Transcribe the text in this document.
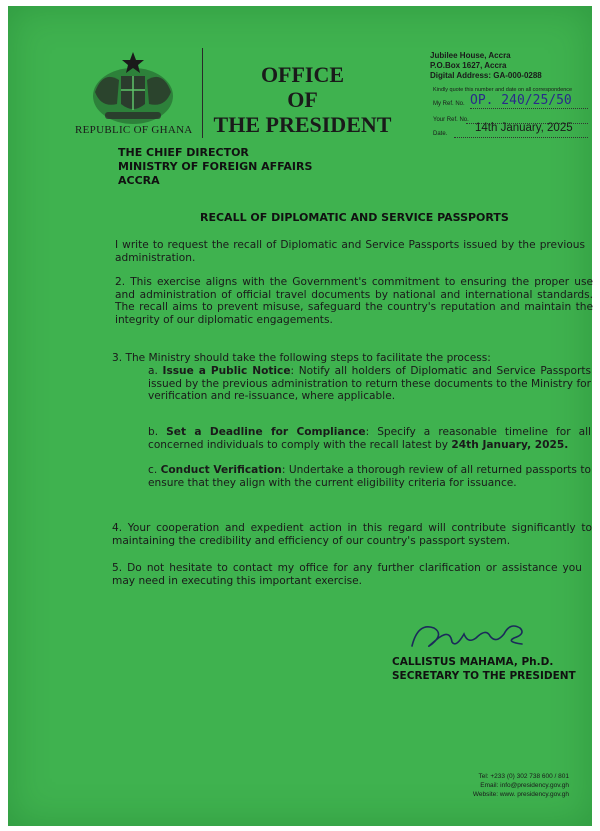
REPUBLIC OF GHANA
OFFICE
OF
THE PRESIDENT
Jubilee House, Accra
P.O.Box 1627, Accra
Digital Address: GA-000-0288
Kindly quote this number and date on all correspondence
My Ref. No. OP. 240/25/50
Your Ref. No.
Date. 14th January, 2025
THE CHIEF DIRECTOR
MINISTRY OF FOREIGN AFFAIRS
ACCRA
RECALL OF DIPLOMATIC AND SERVICE PASSPORTS
I write to request the recall of Diplomatic and Service Passports issued by the previous administration.
2. This exercise aligns with the Government's commitment to ensuring the proper use and administration of official travel documents by national and international standards. The recall aims to prevent misuse, safeguard the country's reputation and maintain the integrity of our diplomatic engagements.
3. The Ministry should take the following steps to facilitate the process:
a. Issue a Public Notice: Notify all holders of Diplomatic and Service Passports issued by the previous administration to return these documents to the Ministry for verification and re-issuance, where applicable.
b. Set a Deadline for Compliance: Specify a reasonable timeline for all concerned individuals to comply with the recall latest by 24th January, 2025.
c. Conduct Verification: Undertake a thorough review of all returned passports to ensure that they align with the current eligibility criteria for issuance.
4. Your cooperation and expedient action in this regard will contribute significantly to maintaining the credibility and efficiency of our country's passport system.
5. Do not hesitate to contact my office for any further clarification or assistance you may need in executing this important exercise.
CALLISTUS MAHAMA, Ph.D.
SECRETARY TO THE PRESIDENT
Tel: +233 (0) 302 738 600 / 801
Email: info@presidency.gov.gh
Website: www. presidency.gov.gh
